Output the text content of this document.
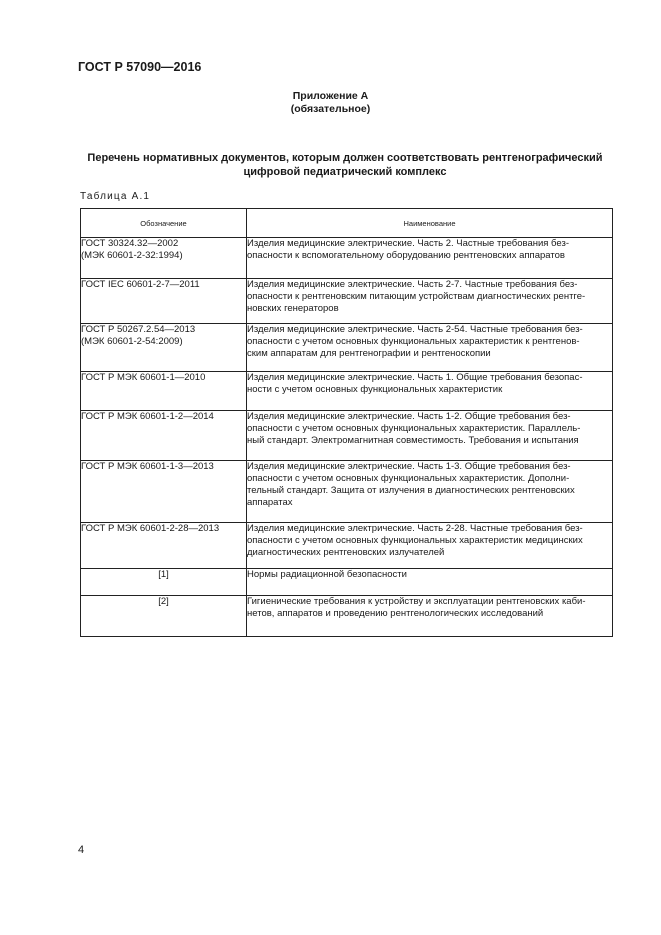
ГОСТ Р 57090—2016
Приложение А
(обязательное)
Перечень нормативных документов, которым должен соответствовать рентгенографический
цифровой педиатрический комплекс
Таблица А.1
Обозначение	Наименование

ГОСТ 30324.32—2002
(МЭК 60601-2-32:1994)	Изделия медицинские электрические. Часть 2. Частные требования без-
опасности к вспомогательному оборудованию рентгеновских аппаратов

ГОСТ IEC 60601-2-7—2011	Изделия медицинские электрические. Часть 2-7. Частные требования без-
опасности к рентгеновским питающим устройствам диагностических рентге-
новских генераторов

ГОСТ Р 50267.2.54—2013
(МЭК 60601-2-54:2009)	Изделия медицинские электрические. Часть 2-54. Частные требования без-
опасности с учетом основных функциональных характеристик к рентгенов-
ским аппаратам для рентгенографии и рентгеноскопии

ГОСТ Р МЭК 60601-1—2010	Изделия медицинские электрические. Часть 1. Общие требования безопас-
ности с учетом основных функциональных характеристик

ГОСТ Р МЭК 60601-1-2—2014	Изделия медицинские электрические. Часть 1-2. Общие требования без-
опасности с учетом основных функциональных характеристик. Параллель-
ный стандарт. Электромагнитная совместимость. Требования и испытания

ГОСТ Р МЭК 60601-1-3—2013	Изделия медицинские электрические. Часть 1-3. Общие требования без-
опасности с учетом основных функциональных характеристик. Дополни-
тельный стандарт. Защита от излучения в диагностических рентгеновских
аппаратах

ГОСТ Р МЭК 60601-2-28—2013	Изделия медицинские электрические. Часть 2-28. Частные требования без-
опасности с учетом основных функциональных характеристик медицинских
диагностических рентгеновских излучателей

[1]	Нормы радиационной безопасности

[2]	Гигиенические требования к устройству и эксплуатации рентгеновских каби-
нетов, аппаратов и проведению рентгенологических исследований
4
